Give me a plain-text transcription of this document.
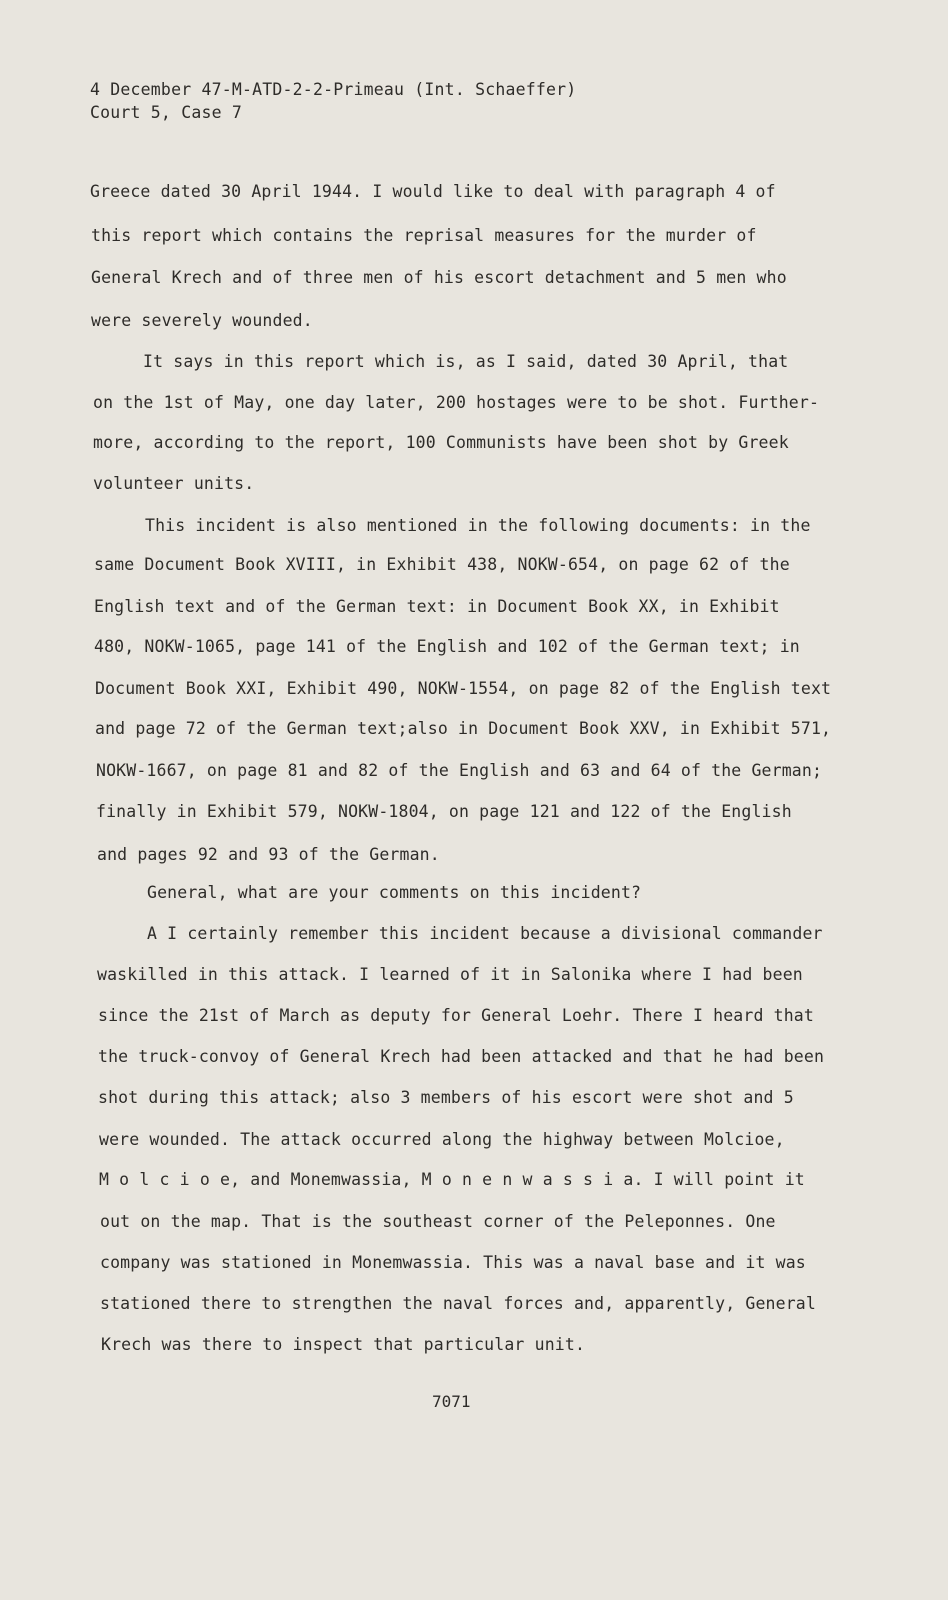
4 December 47-M-ATD-2-2-Primeau (Int. Schaeffer)
Court 5, Case 7
Greece dated 30 April 1944. I would like to deal with paragraph 4 of
this report which contains the reprisal measures for the murder of
General Krech and of three men of his escort detachment and 5 men who
were severely wounded.
It says in this report which is, as I said, dated 30 April, that
on the 1st of May, one day later, 200 hostages were to be shot. Further-
more, according to the report, 100 Communists have been shot by Greek
volunteer units.
This incident is also mentioned in the following documents: in the
same Document Book XVIII, in Exhibit 438, NOKW-654, on page 62 of the
English text and of the German text: in Document Book XX, in Exhibit
480, NOKW-1065, page 141 of the English and 102 of the German text; in
Document Book XXI, Exhibit 490, NOKW-1554, on page 82 of the English text
and page 72 of the German text;also in Document Book XXV, in Exhibit 571,
NOKW-1667, on page 81 and 82 of the English and 63 and 64 of the German;
finally in Exhibit 579, NOKW-1804, on page 121 and 122 of the English
and pages 92 and 93 of the German.
General, what are your comments on this incident?
A I certainly remember this incident because a divisional commander
waskilled in this attack. I learned of it in Salonika where I had been
since the 21st of March as deputy for General Loehr. There I heard that
the truck-convoy of General Krech had been attacked and that he had been
shot during this attack; also 3 members of his escort were shot and 5
were wounded. The attack occurred along the highway between Molcioe,
M o l c i o e, and Monemwassia, M o n e n w a s s i a. I will point it
out on the map. That is the southeast corner of the Peleponnes. One
company was stationed in Monemwassia. This was a naval base and it was
stationed there to strengthen the naval forces and, apparently, General
Krech was there to inspect that particular unit.
7071
